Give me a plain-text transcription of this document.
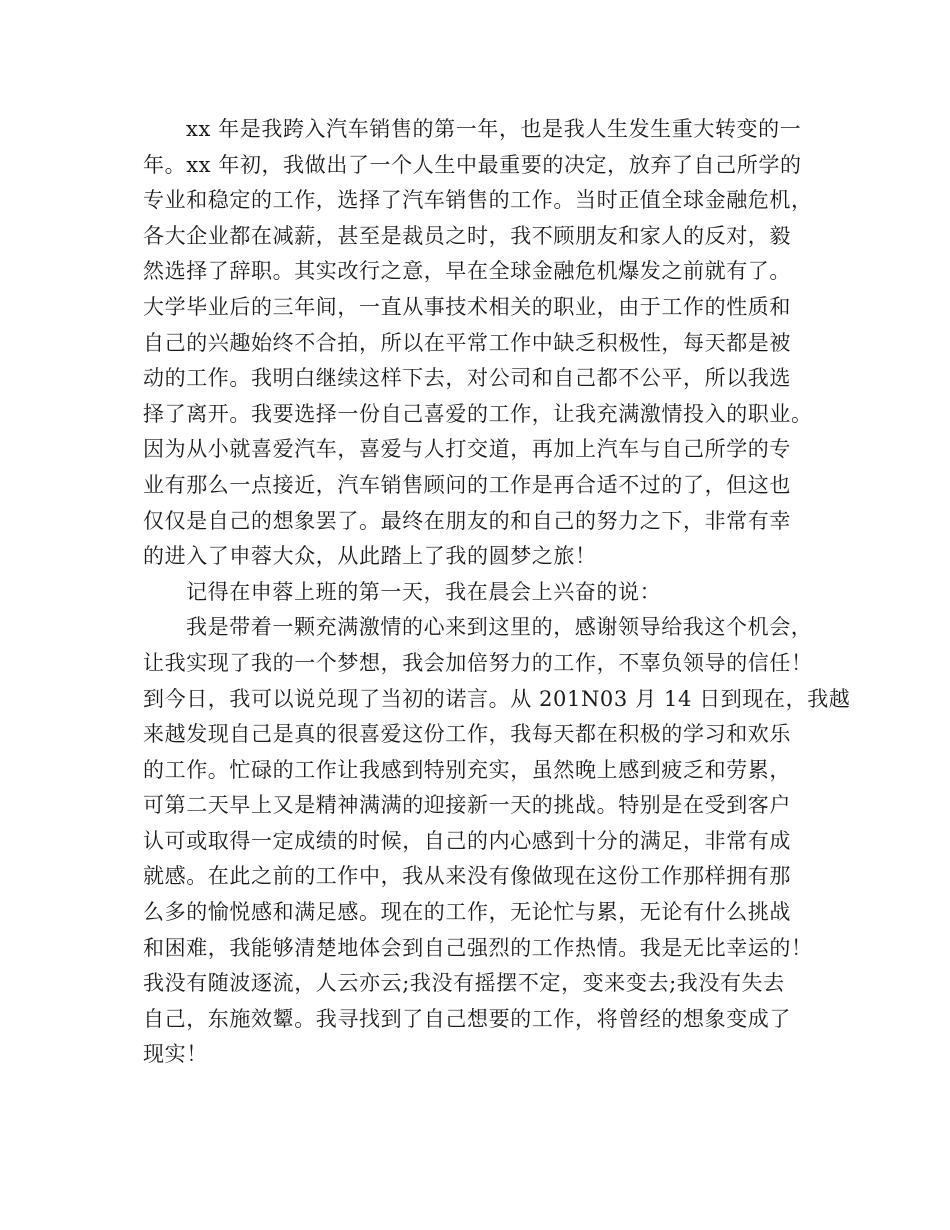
xx 年是我跨入汽车销售的第一年，也是我人生发生重大转变的一
年。xx 年初，我做出了一个人生中最重要的决定，放弃了自己所学的
专业和稳定的工作，选择了汽车销售的工作。当时正值全球金融危机，
各大企业都在减薪，甚至是裁员之时，我不顾朋友和家人的反对，毅
然选择了辞职。其实改行之意，早在全球金融危机爆发之前就有了。
大学毕业后的三年间，一直从事技术相关的职业，由于工作的性质和
自己的兴趣始终不合拍，所以在平常工作中缺乏积极性，每天都是被
动的工作。我明白继续这样下去，对公司和自己都不公平，所以我选
择了离开。我要选择一份自己喜爱的工作，让我充满激情投入的职业。
因为从小就喜爱汽车，喜爱与人打交道，再加上汽车与自己所学的专
业有那么一点接近，汽车销售顾问的工作是再合适不过的了，但这也
仅仅是自己的想象罢了。最终在朋友的和自己的努力之下，非常有幸
的进入了申蓉大众，从此踏上了我的圆梦之旅！
记得在申蓉上班的第一天，我在晨会上兴奋的说：
我是带着一颗充满激情的心来到这里的，感谢领导给我这个机会，
让我实现了我的一个梦想，我会加倍努力的工作，不辜负领导的信任！
到今日，我可以说兑现了当初的诺言。从 201N03 月 14 日到现在，我越
来越发现自己是真的很喜爱这份工作，我每天都在积极的学习和欢乐
的工作。忙碌的工作让我感到特别充实，虽然晚上感到疲乏和劳累，
可第二天早上又是精神满满的迎接新一天的挑战。特别是在受到客户
认可或取得一定成绩的时候，自己的内心感到十分的满足，非常有成
就感。在此之前的工作中，我从来没有像做现在这份工作那样拥有那
么多的愉悦感和满足感。现在的工作，无论忙与累，无论有什么挑战
和困难，我能够清楚地体会到自己强烈的工作热情。我是无比幸运的！
我没有随波逐流，人云亦云;我没有摇摆不定，变来变去;我没有失去
自己，东施效颦。我寻找到了自己想要的工作，将曾经的想象变成了
现实！
